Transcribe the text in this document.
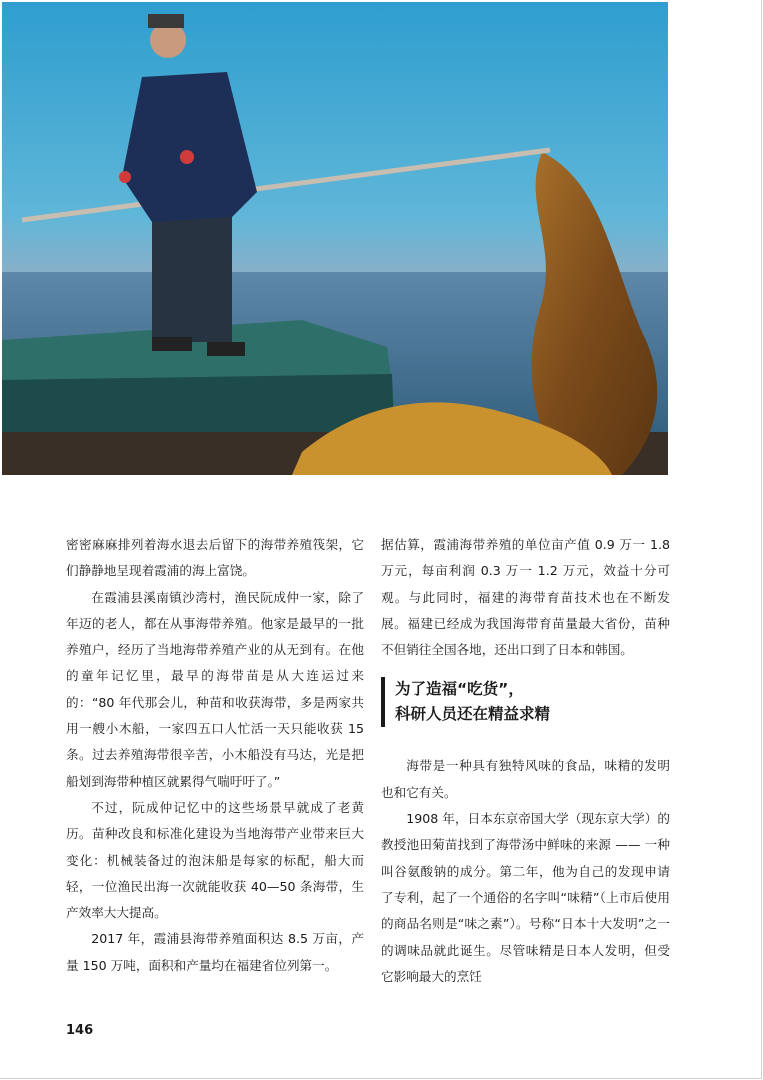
密密麻麻排列着海水退去后留下的海带养殖筏架，它们静静地呈现着霞浦的海上富饶。

在霞浦县溪南镇沙湾村，渔民阮成仲一家，除了年迈的老人，都在从事海带养殖。他家是最早的一批养殖户，经历了当地海带养殖产业的从无到有。在他的童年记忆里，最早的海带苗是从大连运过来的：“80 年代那会儿，种苗和收获海带，多是两家共用一艘小木船，一家四五口人忙活一天只能收获 15 条。过去养殖海带很辛苦，小木船没有马达，光是把船划到海带种植区就累得气喘吁吁了。”

不过，阮成仲记忆中的这些场景早就成了老黄历。苗种改良和标准化建设为当地海带产业带来巨大变化：机械装备过的泡沫船是每家的标配，船大而轻，一位渔民出海一次就能收获 40—50 条海带，生产效率大大提高。

2017 年，霞浦县海带养殖面积达 8.5 万亩，产量 150 万吨，面积和产量均在福建省位列第一。

据估算，霞浦海带养殖的单位亩产值 0.9 万一 1.8 万元，每亩利润 0.3 万一 1.2 万元，效益十分可观。与此同时，福建的海带育苗技术也在不断发展。福建已经成为我国海带育苗量最大省份，苗种不但销往全国各地，还出口到了日本和韩国。

为了造福“吃货”，
科研人员还在精益求精

海带是一种具有独特风味的食品，味精的发明也和它有关。

1908 年，日本东京帝国大学（现东京大学）的教授池田菊苗找到了海带汤中鲜味的来源 —— 一种叫谷氨酸钠的成分。第二年，他为自己的发现申请了专利，起了一个通俗的名字叫“味精”（上市后使用的商品名则是“味之素”）。号称“日本十大发明”之一的调味品就此诞生。尽管味精是日本人发明，但受它影响最大的烹饪

146
